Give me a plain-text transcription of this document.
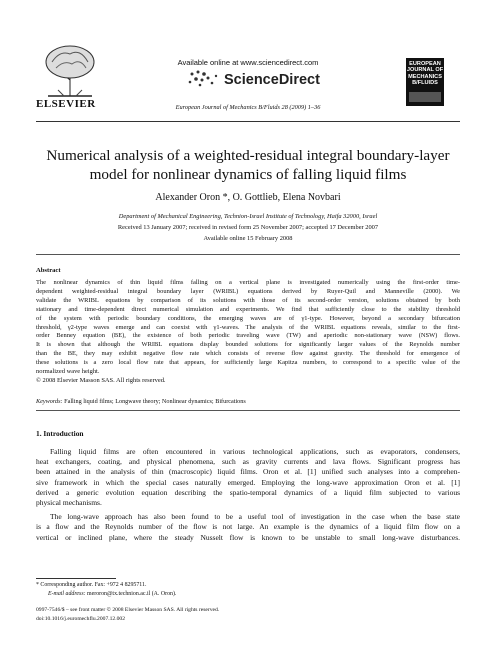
ELSEVIER
Available online at www.sciencedirect.com
ScienceDirect
European Journal of Mechanics B/Fluids 28 (2009) 1–36
EUROPEAN
JOURNAL OF
MECHANICS
B/FLUIDS
Numerical analysis of a weighted-residual integral boundary-layer
model for nonlinear dynamics of falling liquid films
Alexander Oron *, O. Gottlieb, Elena Novbari
Department of Mechanical Engineering, Technion-Israel Institute of Technology, Haifa 32000, Israel
Received 13 January 2007; received in revised form 25 November 2007; accepted 17 December 2007
Available online 15 February 2008
Abstract
The nonlinear dynamics of thin liquid films falling on a vertical plane is investigated numerically using the first-order time-
dependent weighted-residual integral boundary layer (WRIBL) equations derived by Ruyer-Quil and Manneville (2000). We
validate the WRIBL equations by comparison of its solutions with those of its second-order version, solutions obtained by both
stationary and time-dependent direct numerical simulation and experiments. We find that sufficiently close to the stability threshold
of the system with periodic boundary conditions, the emerging waves are of γ1-type. However, beyond a secondary bifurcation
threshold, γ2-type waves emerge and can coexist with γ1-waves. The analysis of the WRIBL equations reveals, similar to the first-
order Benney equation (BE), the existence of both periodic traveling wave (TW) and aperiodic non-stationary wave (NSW) flows.
It is shown that although the WRIBL equations display bounded solutions for significantly larger values of the Reynolds number
than the BE, they may exhibit negative flow rate which consists of reverse flow against gravity. The threshold for emergence of
these solutions is a zero local flow rate that appears, for sufficiently large Kapitza numbers, to correspond to a specific value of the
normalized wave height.
© 2008 Elsevier Masson SAS. All rights reserved.
Keywords: Falling liquid films; Longwave theory; Nonlinear dynamics; Bifurcations
1. Introduction
Falling liquid films are often encountered in various technological applications, such as evaporators, condensers,
heat exchangers, coating, and physical phenomena, such as gravity currents and lava flows. Significant progress has
been attained in the analysis of thin (macroscopic) liquid films. Oron et al. [1] unified such analyses into a comprehen-
sive framework in which the special cases naturally emerged. Employing the long-wave approximation Oron et al. [1]
derived a generic evolution equation describing the spatio-temporal dynamics of a liquid film subjected to various
physical mechanisms.
The long-wave approach has also been found to be a useful tool of investigation in the case when the base state
is a flow and the Reynolds number of the flow is not large. An example is the dynamics of a liquid film flow on a
vertical or inclined plane, where the steady Nusselt flow is known to be unstable to small long-wave disturbances.
* Corresponding author. Fax: +972 4 8295711.
E-mail address: meroron@tx.technion.ac.il (A. Oron).
0997-7546/$ – see front matter © 2008 Elsevier Masson SAS. All rights reserved.
doi:10.1016/j.euromechflu.2007.12.002
